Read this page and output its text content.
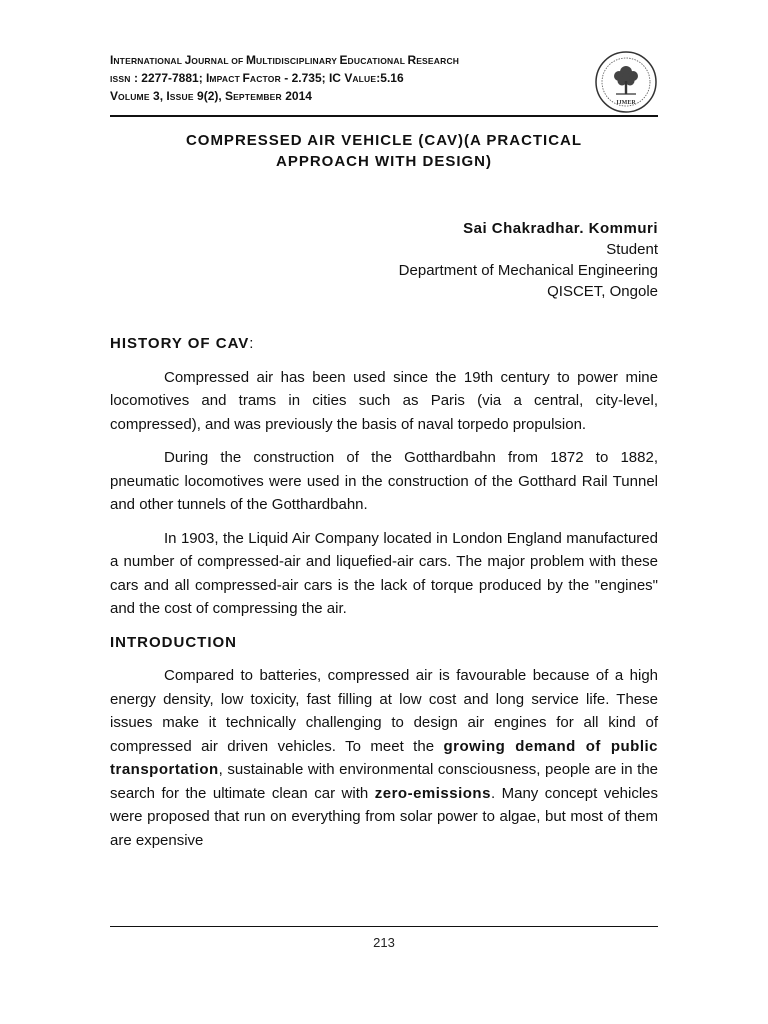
INTERNATIONAL JOURNAL OF MULTIDISCIPLINARY EDUCATIONAL RESEARCH
ISSN : 2277-7881; IMPACT FACTOR - 2.735; IC VALUE:5.16
VOLUME 3, ISSUE 9(2), SEPTEMBER 2014	IJMER
COMPRESSED AIR VEHICLE (CAV)(A PRACTICAL
APPROACH WITH DESIGN)
Sai Chakradhar. Kommuri
Student
Department of Mechanical Engineering
QISCET, Ongole
HISTORY OF CAV:

Compressed air has been used since the 19th century to power mine locomotives and trams in cities such as Paris (via a central, city-level, compressed), and was previously the basis of naval torpedo propulsion.

During the construction of the Gotthardbahn from 1872 to 1882, pneumatic locomotives were used in the construction of the Gotthard Rail Tunnel and other tunnels of the Gotthardbahn.

In 1903, the Liquid Air Company located in London England manufactured a number of compressed-air and liquefied-air cars. The major problem with these cars and all compressed-air cars is the lack of torque produced by the "engines" and the cost of compressing the air.

INTRODUCTION

Compared to batteries, compressed air is favourable because of a high energy density, low toxicity, fast filling at low cost and long service life. These issues make it technically challenging to design air engines for all kind of compressed air driven vehicles. To meet the growing demand of public transportation, sustainable with environmental consciousness, people are in the search for the ultimate clean car with zero-emissions. Many concept vehicles were proposed that run on everything from solar power to algae, but most of them are expensive

213
